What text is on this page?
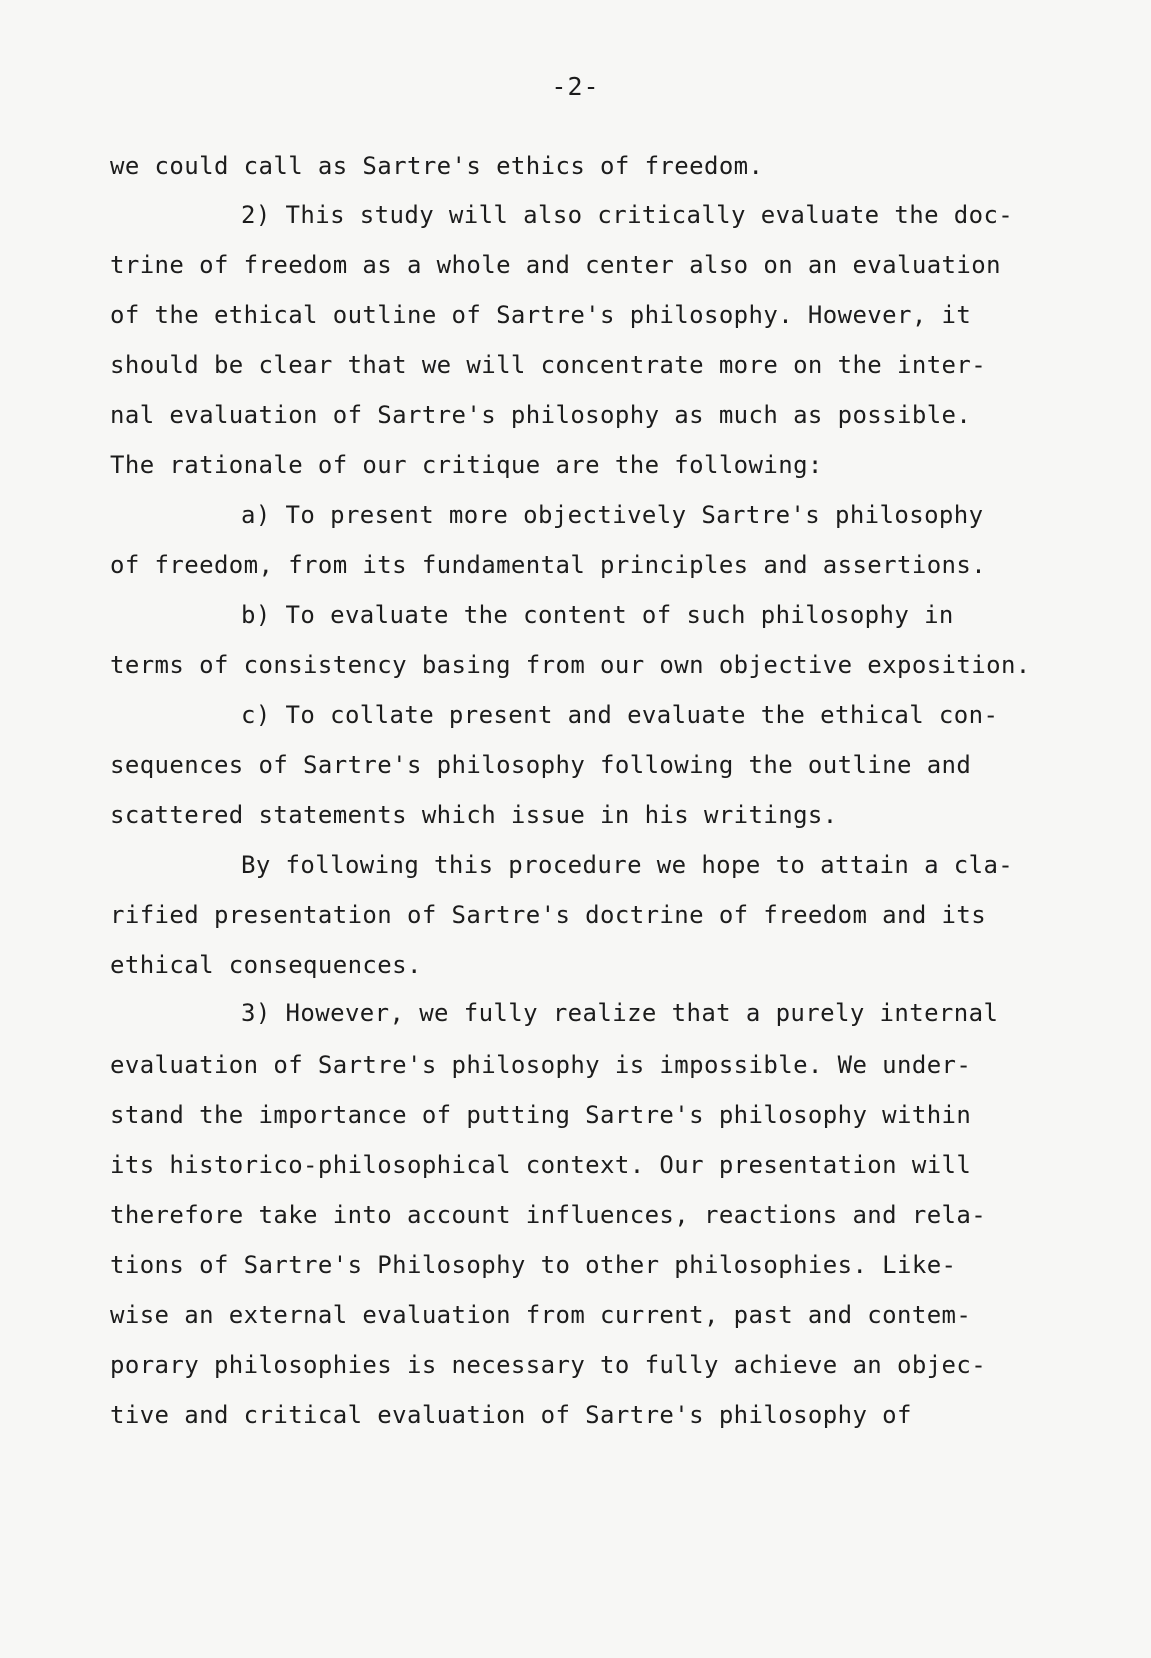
-2-
we could call as Sartre's ethics of freedom.
2) This study will also critically evaluate the doc-
trine of freedom as a whole and center also on an evaluation
of the ethical outline of Sartre's philosophy. However, it
should be clear that we will concentrate more on the inter-
nal evaluation of Sartre's philosophy as much as possible.
The rationale of our critique are the following:
a) To present more objectively Sartre's philosophy
of freedom, from its fundamental principles and assertions.
b) To evaluate the content of such philosophy in
terms of consistency basing from our own objective exposition.
c) To collate present and evaluate the ethical con-
sequences of Sartre's philosophy following the outline and
scattered statements which issue in his writings.
By following this procedure we hope to attain a cla-
rified presentation of Sartre's doctrine of freedom and its
ethical consequences.
3) However, we fully realize that a purely internal
evaluation of Sartre's philosophy is impossible. We under-
stand the importance of putting Sartre's philosophy within
its historico-philosophical context. Our presentation will
therefore take into account influences, reactions and rela-
tions of Sartre's Philosophy to other philosophies. Like-
wise an external evaluation from current, past and contem-
porary philosophies is necessary to fully achieve an objec-
tive and critical evaluation of Sartre's philosophy of
